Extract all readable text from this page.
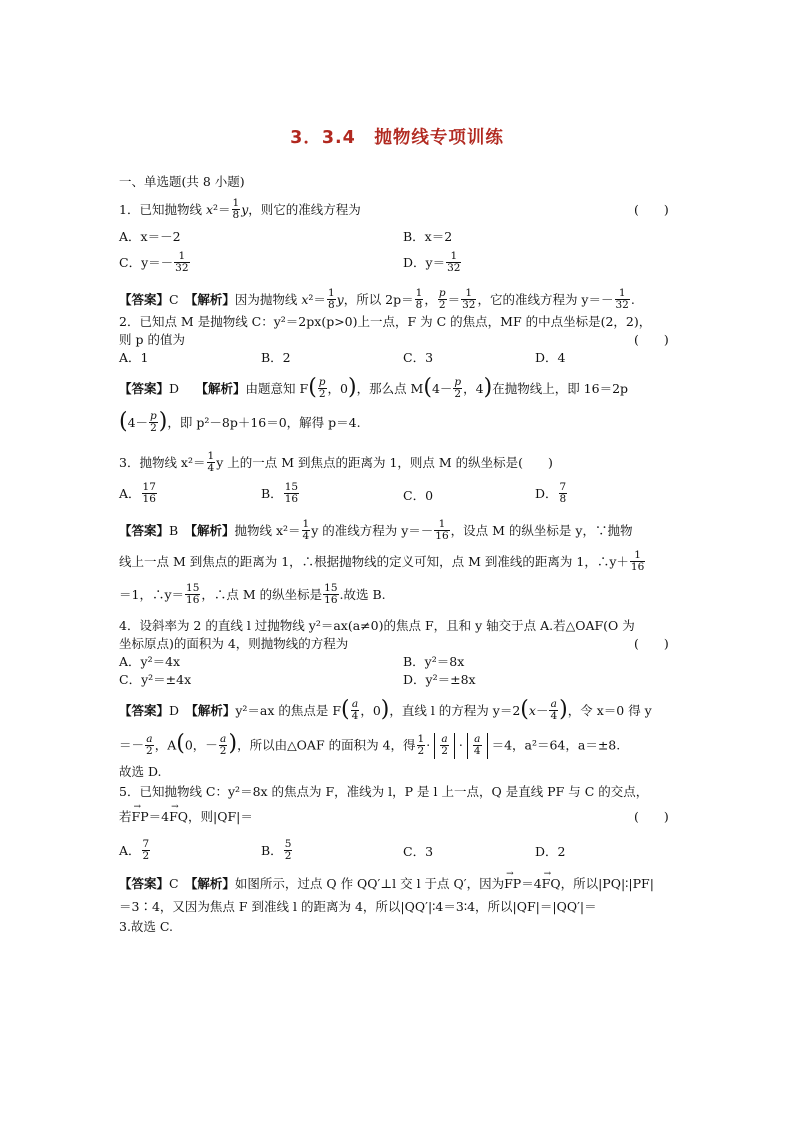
3．3.4　抛物线专项训练
一、单选题(共 8 小题)
1．已知抛物线 $x^2= \frac{1}{8}$ y，则它的准线方程为	(　　)
A．x＝－2	B．x＝2
C．$y=- \frac{1}{32}$	D．$y= \frac{1}{32}$
【答案】C　 【解析】因为抛物线 $x^2= \frac{1}{8}$ y，所以 $2p= \frac{1}{8}$ ， $\frac{p}{2} = \frac{1}{32}$ ，它的准线方程为 $y=- \frac{1}{32}$ .
2．已知点 M 是抛物线 C：y²＝2px(p>0)上一点，F 为 C 的焦点，MF 的中点坐标是(2，2)，
则 p 的值为	(　　)
A．1	B．2	C．3	D．4
【答案】D　 【解析】由题意知 $F( \frac{p}{2}$ ，0)，那么点 $M(4- \frac{p}{2}$ ，4)在抛物线上，即 16＝2p
($4- \frac{p}{2}$ )，即 p²－8p＋16＝0，解得 p＝4.
3．抛物线 $x^2= \frac{1}{4}$ y 上的一点 M 到焦点的距离为 1，则点 M 的纵坐标是(　　)
A． $\frac{17}{16}$	B． $\frac{15}{16}$	C．0	D． $\frac{7}{8}$
【答案】B　 【解析】抛物线 $x^2= \frac{1}{4}$ y 的准线方程为 $y=- \frac{1}{16}$ ，设点 M 的纵坐标是 y，∵抛物
线上一点 M 到焦点的距离为 1，∴根据抛物线的定义可知，点 M 到准线的距离为 1，∴y＋ $\frac{1}{16}$
＝1，∴y＝ $\frac{15}{16}$ ，∴点 M 的纵坐标是 $\frac{15}{16}$ .故选 B.
4．设斜率为 2 的直线 l 过抛物线 y²＝ax(a≠0)的焦点 F，且和 y 轴交于点 A.若△OAF(O 为
坐标原点)的面积为 4，则抛物线的方程为	(　　)
A．y²＝4x	B．y²＝8x
C．y²＝±4x	D．y²＝±8x
【答案】D　 【解析】y²＝ax 的焦点是 $F( \frac{a}{4}$ ，0)，直线 l 的方程为 $y=2(x- \frac{a}{4}$ )，令 x＝0 得 y
＝－ $\frac{a}{2}$ ，A(0，－ $\frac{a}{2}$ )，所以由△OAF 的面积为 4，得 $\frac{1}{2} \cdot \frac{a}{2} \cdot \frac{a}{4} =4$，a²＝64，a＝±8.
故选 D.
5．已知抛物线 C：y²＝8x 的焦点为 F，准线为 l，P 是 l 上一点，Q 是直线 PF 与 C 的交点，
若→ FP＝4→ FQ，则|QF|＝	(　　)
A． $\frac{7}{2}$	B． $\frac{5}{2}$	C．3	D．2
【答案】C　 【解析】如图所示，过点 Q 作 QQ′⊥l 交 l 于点 Q′，因为→ FP＝4→ FQ，所以|PQ|∶|PF|
＝3∶4，又因为焦点 F 到准线 l 的距离为 4，所以|QQ′|∶4＝3∶4，所以|QF|＝|QQ′|＝
3.故选 C.
